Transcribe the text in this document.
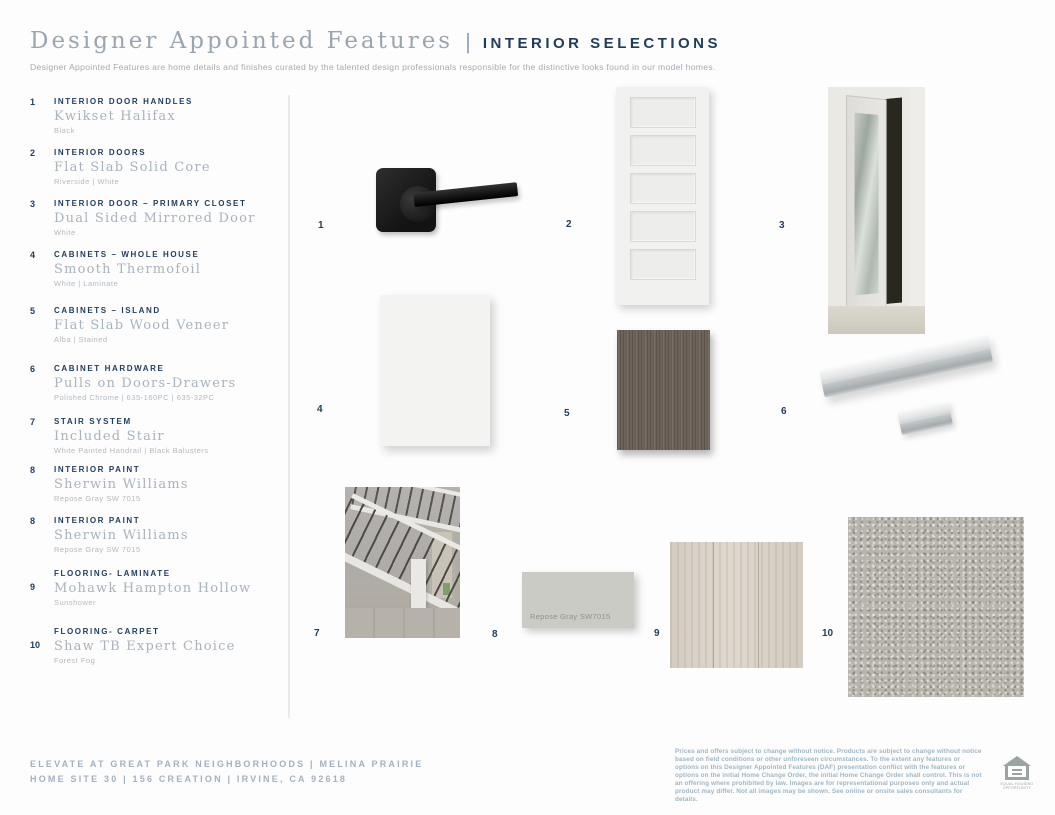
Designer Appointed Features | INTERIOR SELECTIONS
Designer Appointed Features are home details and finishes curated by the talented design professionals responsible for the distinctive looks found in our model homes.
1	INTERIOR DOOR HANDLES
Kwikset Halifax
Black
2	INTERIOR DOORS
Flat Slab Solid Core
Riverside | White
3	INTERIOR DOOR – PRIMARY CLOSET
Dual Sided Mirrored Door
White
4	CABINETS – WHOLE HOUSE
Smooth Thermofoil
White | Laminate
5	CABINETS – ISLAND
Flat Slab Wood Veneer
Alba | Stained
6	CABINET HARDWARE
Pulls on Doors-Drawers
Polished Chrome | 635-160PC | 635-32PC
7	STAIR SYSTEM
Included Stair
White Painted Handrail | Black Balusters
8	INTERIOR PAINT
Sherwin Williams
Repose Gray SW 7015
8	INTERIOR PAINT
Sherwin Williams
Repose Gray SW 7015
9
FLOORING- LAMINATE
Mohawk Hampton Hollow
Sunshower
10
FLOORING- CARPET
Shaw TB Expert Choice
Forest Fog
1	2	3
4	5	6
7	8
Repose Gray SW7015
9	10
ELEVATE AT GREAT PARK NEIGHBORHOODS | MELINA PRAIRIE
HOME SITE 30 | 156 CREATION | IRVINE, CA 92618
Prices and offers subject to change without notice. Products are subject to change without notice based on field conditions or other unforeseen circumstances. To the extent any features or options on this Designer Appointed Features (DAF) presentation conflict with the features or options on the initial Home Change Order, the initial Home Change Order shall control. This is not an offering where prohibited by law. Images are for representational purposes only and actual product may differ. Not all images may be shown. See online or onsite sales consultants for details.
EQUAL HOUSING OPPORTUNITY
